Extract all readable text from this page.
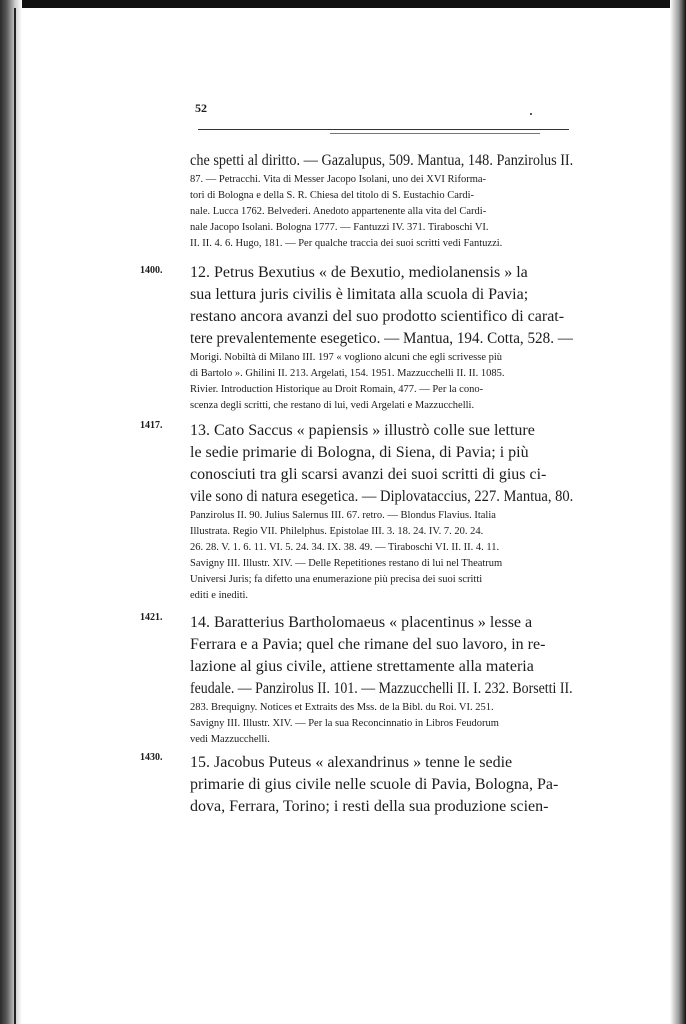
52
che spetti al diritto. — Gazalupus, 509. Mantua, 148. Panzirolus II.
87. — Petracchi. Vita di Messer Jacopo Isolani, uno dei XVI Riforma-
tori di Bologna e della S. R. Chiesa del titolo di S. Eustachio Cardi-
nale. Lucca 1762. Belvederi. Anedoto appartenente alla vita del Cardi-
nale Jacopo Isolani. Bologna 1777. — Fantuzzi IV. 371. Tiraboschi VI.
II. II. 4. 6. Hugo, 181. — Per qualche traccia dei suoi scritti vedi Fantuzzi.
1400. 12. Petrus Bexutius « de Bexutio, mediolanensis » la
sua lettura juris civilis è limitata alla scuola di Pavia;
restano ancora avanzi del suo prodotto scientifico di carat-
tere prevalentemente esegetico. — Mantua, 194. Cotta, 528. —
Morigi. Nobiltà di Milano III. 197 « vogliono alcuni che egli scrivesse più
di Bartolo ». Ghilini II. 213. Argelati, 154. 1951. Mazzucchelli II. II. 1085.
Rivier. Introduction Historique au Droit Romain, 477. — Per la cono-
scenza degli scritti, che restano di lui, vedi Argelati e Mazzucchelli.
1417. 13. Cato Saccus « papiensis » illustrò colle sue letture
le sedie primarie di Bologna, di Siena, di Pavia; i più
conosciuti tra gli scarsi avanzi dei suoi scritti di gius ci-
vile sono di natura esegetica. — Diplovataccius, 227. Mantua, 80.
Panzirolus II. 90. Julius Salernus III. 67. retro. — Blondus Flavius. Italia
Illustrata. Regio VII. Philelphus. Epistolae III. 3. 18. 24. IV. 7. 20. 24.
26. 28. V. 1. 6. 11. VI. 5. 24. 34. IX. 38. 49. — Tiraboschi VI. II. II. 4. 11.
Savigny III. Illustr. XIV. — Delle Repetitiones restano di lui nel Theatrum
Universi Juris; fa difetto una enumerazione più precisa dei suoi scritti
editi e inediti.
1421. 14. Baratterius Bartholomaeus « placentinus » lesse a
Ferrara e a Pavia; quel che rimane del suo lavoro, in re-
lazione al gius civile, attiene strettamente alla materia
feudale. — Panzirolus II. 101. — Mazzucchelli II. I. 232. Borsetti II.
283. Brequigny. Notices et Extraits des Mss. de la Bibl. du Roi. VI. 251.
Savigny III. Illustr. XIV. — Per la sua Reconcinnatio in Libros Feudorum
vedi Mazzucchelli.
1430. 15. Jacobus Puteus « alexandrinus » tenne le sedie
primarie di gius civile nelle scuole di Pavia, Bologna, Pa-
dova, Ferrara, Torino; i resti della sua produzione scien-
